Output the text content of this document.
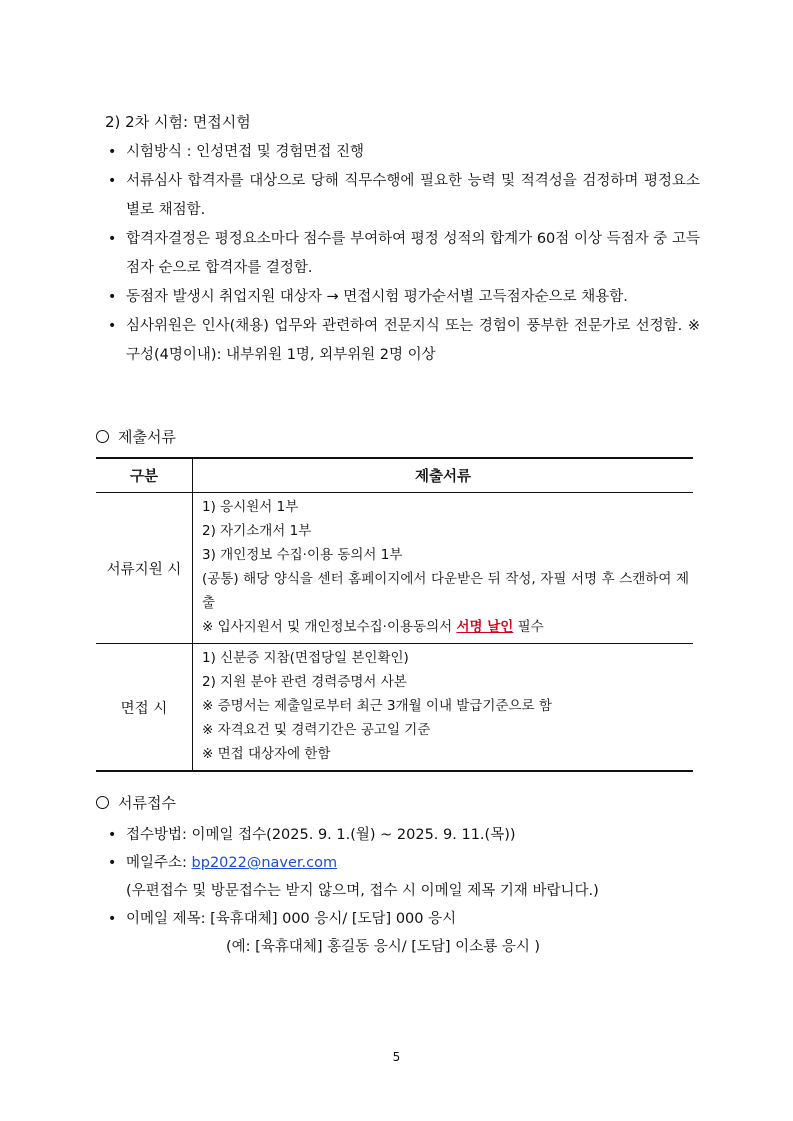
2) 2차 시험: 면접시험
• 시험방식 : 인성면접 및 경험면접 진행
• 서류심사 합격자를 대상으로 당해 직무수행에 필요한 능력 및 적격성을 검정하며 평정요소별로 채점함.
• 합격자결정은 평정요소마다 점수를 부여하여 평정 성적의 합계가 60점 이상 득점자 중 고득점자 순으로 합격자를 결정함.
• 동점자 발생시 취업지원 대상자 → 면접시험 평가순서별 고득점자순으로 채용함.
• 심사위원은 인사(채용) 업무와 관련하여 전문지식 또는 경험이 풍부한 전문가로 선정함. ※ 구성(4명이내): 내부위원 1명, 외부위원 2명 이상
제출서류
구분	제출서류
서류지원 시	1) 응시원서 1부
2) 자기소개서 1부
3) 개인정보 수집·이용 동의서 1부
(공통) 해당 양식을 센터 홈페이지에서 다운받은 뒤 작성, 자필 서명 후 스캔하여 제출
※ 입사지원서 및 개인정보수집·이용동의서 서명 날인 필수

면접 시	1) 신분증 지참(면접당일 본인확인)
2) 지원 분야 관련 경력증명서 사본
※ 증명서는 제출일로부터 최근 3개월 이내 발급기준으로 함
※ 자격요건 및 경력기간은 공고일 기준
※ 면접 대상자에 한함
서류접수
• 접수방법: 이메일 접수(2025. 9. 1.(월) ~ 2025. 9. 11.(목))
• 메일주소: bp2022@naver.com
(우편접수 및 방문접수는 받지 않으며, 접수 시 이메일 제목 기재 바랍니다.)
• 이메일 제목: [육휴대체] 000 응시/ [도담] 000 응시
(예: [육휴대체] 홍길동 응시/ [도담] 이소룡 응시 )
5
